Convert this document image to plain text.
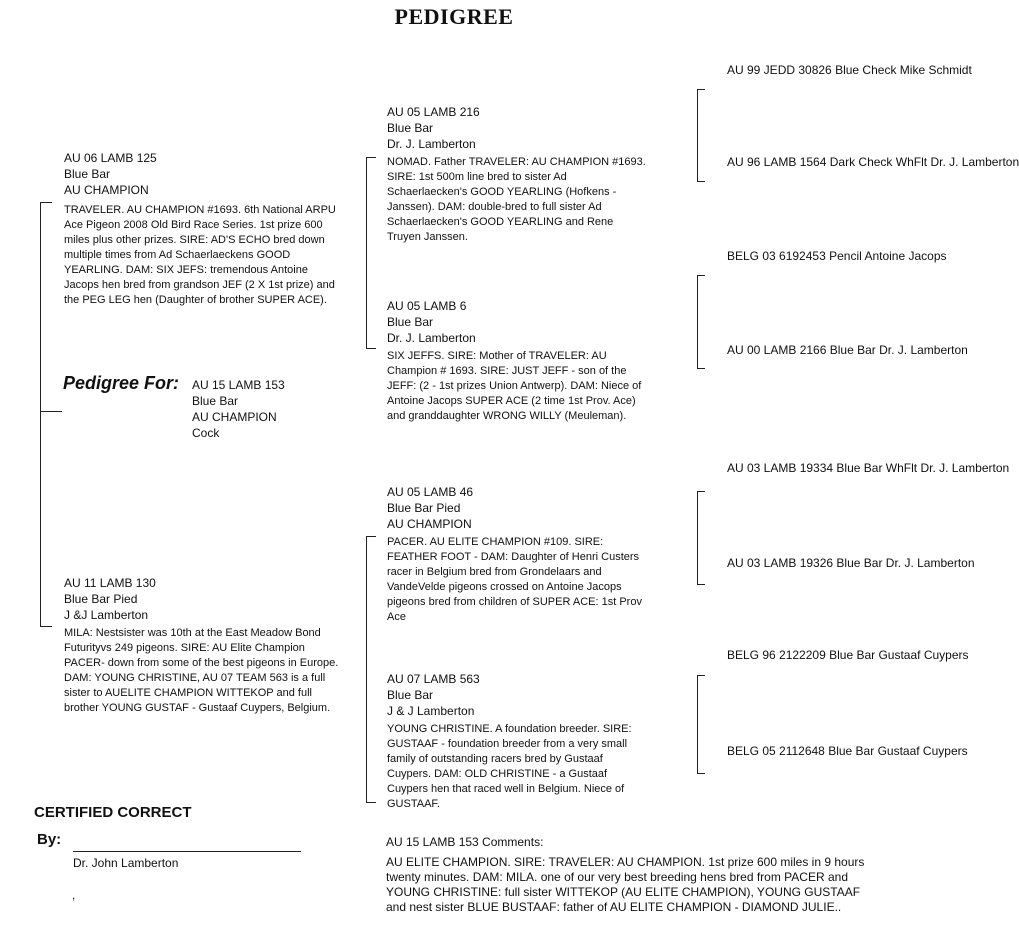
PEDIGREE
AU 06 LAMB 125
Blue Bar
AU CHAMPION
TRAVELER. AU CHAMPION #1693. 6th National ARPU Ace Pigeon 2008 Old Bird Race Series. 1st prize 600 miles plus other prizes. SIRE: AD'S ECHO bred down multiple times from Ad Schaerlaeckens GOOD YEARLING. DAM: SIX JEFS: tremendous Antoine Jacops hen bred from grandson JEF (2 X 1st prize) and the PEG LEG hen (Daughter of brother SUPER ACE).
Pedigree For: AU 15 LAMB 153
Blue Bar
AU CHAMPION
Cock
AU 11 LAMB 130
Blue Bar Pied
J &J Lamberton
MILA: Nestsister was 10th at the East Meadow Bond Futurityvs 249 pigeons. SIRE: AU Elite Champion PACER- down from some of the best pigeons in Europe. DAM: YOUNG CHRISTINE, AU 07 TEAM 563 is a full sister to AUELITE CHAMPION WITTEKOP and full brother YOUNG GUSTAF - Gustaaf Cuypers, Belgium.
AU 05 LAMB 216
Blue Bar
Dr. J. Lamberton
NOMAD. Father TRAVELER: AU CHAMPION #1693. SIRE: 1st 500m line bred to sister Ad Schaerlaecken's GOOD YEARLING (Hofkens - Janssen). DAM: double-bred to full sister Ad Schaerlaecken's GOOD YEARLING and Rene Truyen Janssen.
AU 05 LAMB 6
Blue Bar
Dr. J. Lamberton
SIX JEFFS. SIRE: Mother of TRAVELER: AU Champion # 1693. SIRE: JUST JEFF - son of the JEFF: (2 - 1st prizes Union Antwerp). DAM: Niece of Antoine Jacops SUPER ACE (2 time 1st Prov. Ace) and granddaughter WRONG WILLY (Meuleman).
AU 05 LAMB 46
Blue Bar Pied
AU CHAMPION
PACER. AU ELITE CHAMPION #109. SIRE: FEATHER FOOT - DAM: Daughter of Henri Custers racer in Belgium bred from Grondelaars and VandeVelde pigeons crossed on Antoine Jacops pigeons bred from children of SUPER ACE: 1st Prov Ace
AU 07 LAMB 563
Blue Bar
J & J Lamberton
YOUNG CHRISTINE. A foundation breeder. SIRE: GUSTAAF - foundation breeder from a very small family of outstanding racers bred by Gustaaf Cuypers. DAM: OLD CHRISTINE - a Gustaaf Cuypers hen that raced well in Belgium. Niece of GUSTAAF.
AU 99 JEDD 30826 Blue Check Mike Schmidt
AU 96 LAMB 1564 Dark Check WhFlt Dr. J. Lamberton
BELG 03 6192453 Pencil Antoine Jacops
AU 00 LAMB 2166 Blue Bar Dr. J. Lamberton
AU 03 LAMB 19334 Blue Bar WhFlt Dr. J. Lamberton
AU 03 LAMB 19326 Blue Bar Dr. J. Lamberton
BELG 96 2122209 Blue Bar Gustaaf Cuypers
BELG 05 2112648 Blue Bar Gustaaf Cuypers
CERTIFIED CORRECT
By:
Dr. John Lamberton
,
AU 15 LAMB 153 Comments:
AU ELITE CHAMPION. SIRE: TRAVELER: AU CHAMPION. 1st prize 600 miles in 9 hours twenty minutes. DAM: MILA. one of our very best breeding hens bred from PACER and YOUNG CHRISTINE: full sister WITTEKOP (AU ELITE CHAMPION), YOUNG GUSTAAF and nest sister BLUE BUSTAAF: father of AU ELITE CHAMPION - DIAMOND JULIE..
